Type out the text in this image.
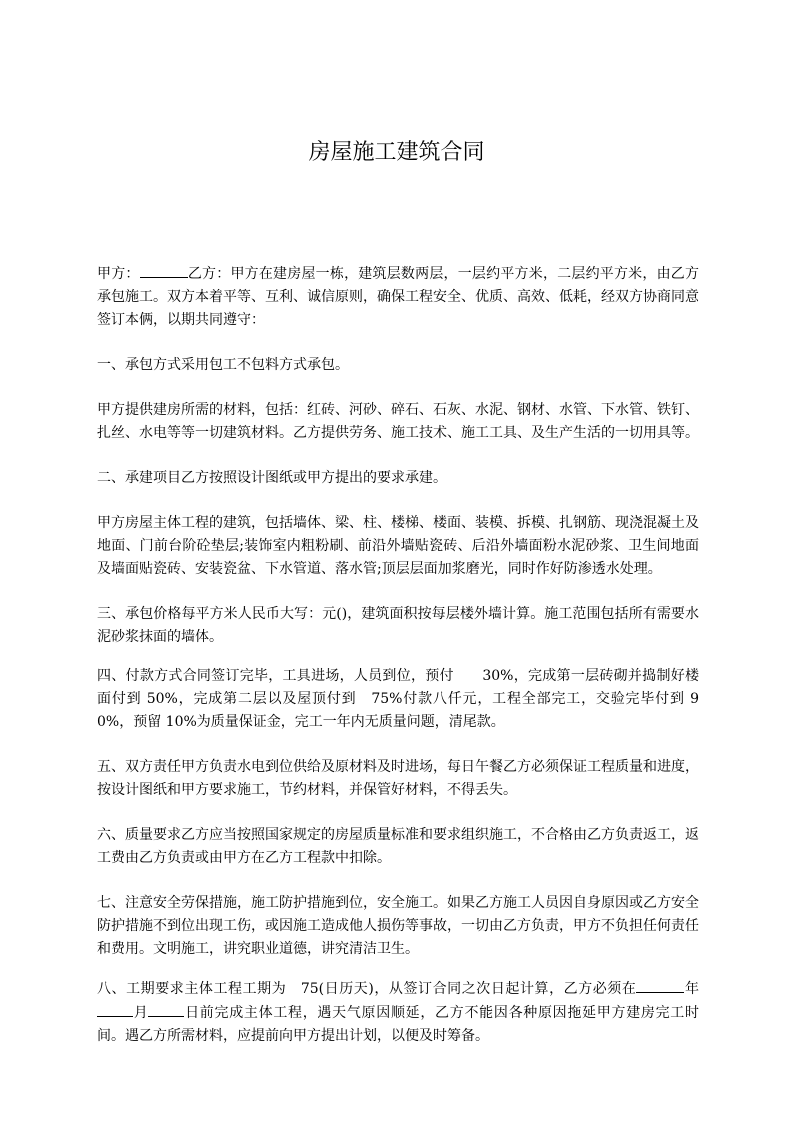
房屋施工建筑合同

甲方：	乙方：甲方在建房屋一栋，建筑层数两层，一层约平方米，二层约平方米，由乙方承包施工。双方本着平等、互利、诚信原则，确保工程安全、优质、高效、低耗，经双方协商同意签订本俩，以期共同遵守：

一、承包方式采用包工不包料方式承包。

甲方提供建房所需的材料，包括：红砖、河砂、碎石、石灰、水泥、钢材、水管、下水管、铁钉、扎丝、水电等等一切建筑材料。乙方提供劳务、施工技术、施工工具、及生产生活的一切用具等。

二、承建项目乙方按照设计图纸或甲方提出的要求承建。

甲方房屋主体工程的建筑，包括墙体、梁、柱、楼梯、楼面、装模、拆模、扎钢筋、现浇混凝土及地面、门前台阶砼垫层;装饰室内粗粉刷、前沿外墙贴瓷砖、后沿外墙面粉水泥砂浆、卫生间地面及墙面贴瓷砖、安装瓷盆、下水管道、落水管;顶层层面加浆磨光，同时作好防渗透水处理。

三、承包价格每平方米人民币大写：元()，建筑面积按每层楼外墙计算。施工范围包括所有需要水泥砂浆抹面的墙体。

四、付款方式合同签订完毕，工具进场，人员到位，预付　　30%，完成第一层砖砌并捣制好楼面付到 50%，完成第二层以及屋顶付到　75%付款八仟元，工程全部完工，交验完毕付到 90%，预留 10%为质量保证金，完工一年内无质量问题，清尾款。

五、双方责任甲方负责水电到位供给及原材料及时进场，每日午餐乙方必须保证工程质量和进度，按设计图纸和甲方要求施工，节约材料，并保管好材料，不得丢失。

六、质量要求乙方应当按照国家规定的房屋质量标准和要求组织施工，不合格由乙方负责返工，返工费由乙方负责或由甲方在乙方工程款中扣除。

七、注意安全劳保措施，施工防护措施到位，安全施工。如果乙方施工人员因自身原因或乙方安全防护措施不到位出现工伤，或因施工造成他人损伤等事故，一切由乙方负责，甲方不负担任何责任和费用。文明施工，讲究职业道德，讲究清洁卫生。

八、工期要求主体工程工期为　75(日历天)，从签订合同之次日起计算，乙方必须在	年月	日前完成主体工程，遇天气原因顺延，乙方不能因各种原因拖延甲方建房完工时间。遇乙方所需材料，应提前向甲方提出计划，以便及时筹备。
